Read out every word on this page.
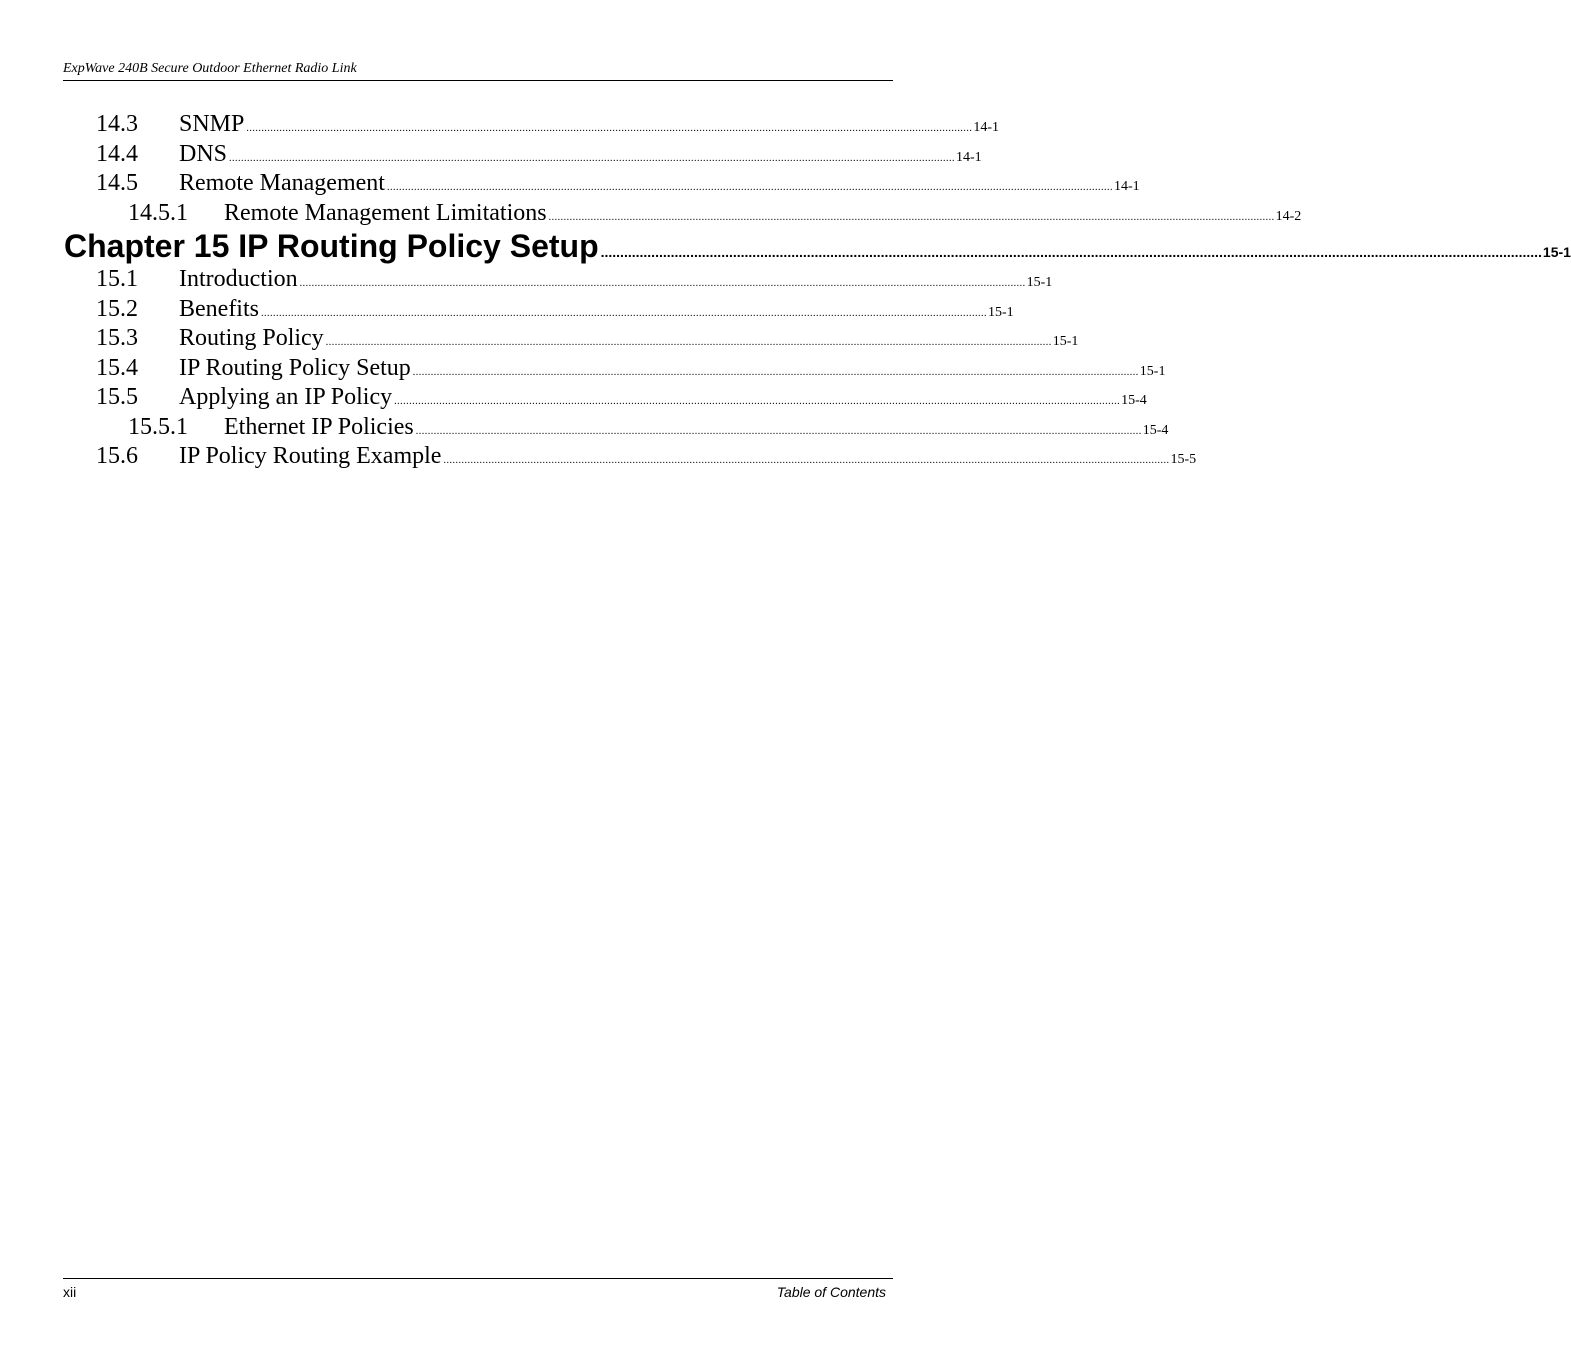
ExpWave 240B Secure Outdoor Ethernet Radio Link
14.3	SNMP .................................................................................................................................................................................................................................................. 14-1
14.4	DNS .................................................................................................................................................................................................................................................. 14-1
14.5	Remote Management .................................................................................................................................................................................................................................................. 14-1
14.5.1	Remote Management Limitations .................................................................................................................................................................................................................................................. 14-2
Chapter 15 IP Routing Policy Setup .................................................................................................................................................................................................................................................. 15-1
15.1	Introduction .................................................................................................................................................................................................................................................. 15-1
15.2	Benefits .................................................................................................................................................................................................................................................. 15-1
15.3	Routing Policy .................................................................................................................................................................................................................................................. 15-1
15.4	IP Routing Policy Setup .................................................................................................................................................................................................................................................. 15-1
15.5	Applying an IP Policy .................................................................................................................................................................................................................................................. 15-4
15.5.1	Ethernet IP Policies .................................................................................................................................................................................................................................................. 15-4
15.6	IP Policy Routing Example .................................................................................................................................................................................................................................................. 15-5
xii	Table of Contents
